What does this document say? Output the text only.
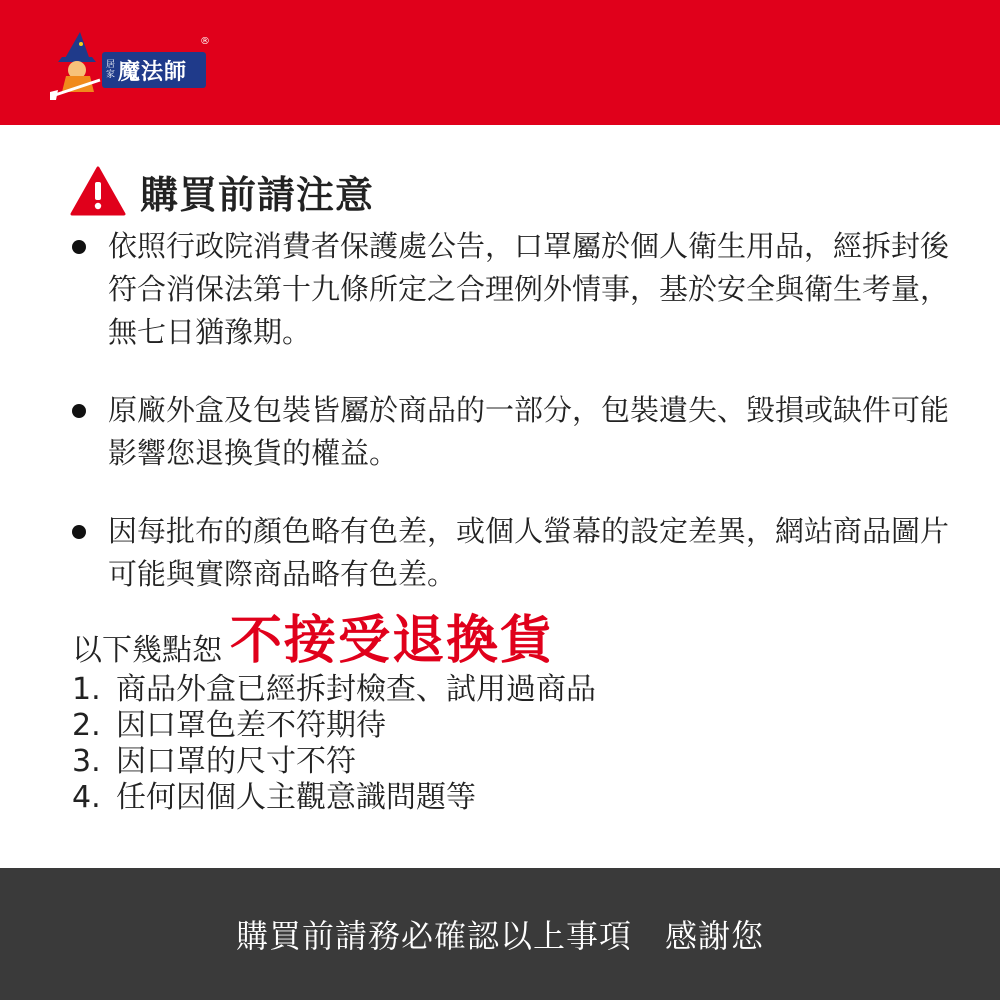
居
家 魔法師
®
購買前請注意
依照行政院消費者保護處公告，口罩屬於個人衛生用品，經拆封後符合消保法第十九條所定之合理例外情事，基於安全與衛生考量，無七日猶豫期。
原廠外盒及包裝皆屬於商品的一部分，包裝遺失、毀損或缺件可能影響您退換貨的權益。
因每批布的顏色略有色差，或個人螢幕的設定差異，網站商品圖片可能與實際商品略有色差。
以下幾點恕 不接受退換貨
1. 商品外盒已經拆封檢查、試用過商品
2. 因口罩色差不符期待
3. 因口罩的尺寸不符
4. 任何因個人主觀意識問題等
購買前請務必確認以上事項　感謝您
